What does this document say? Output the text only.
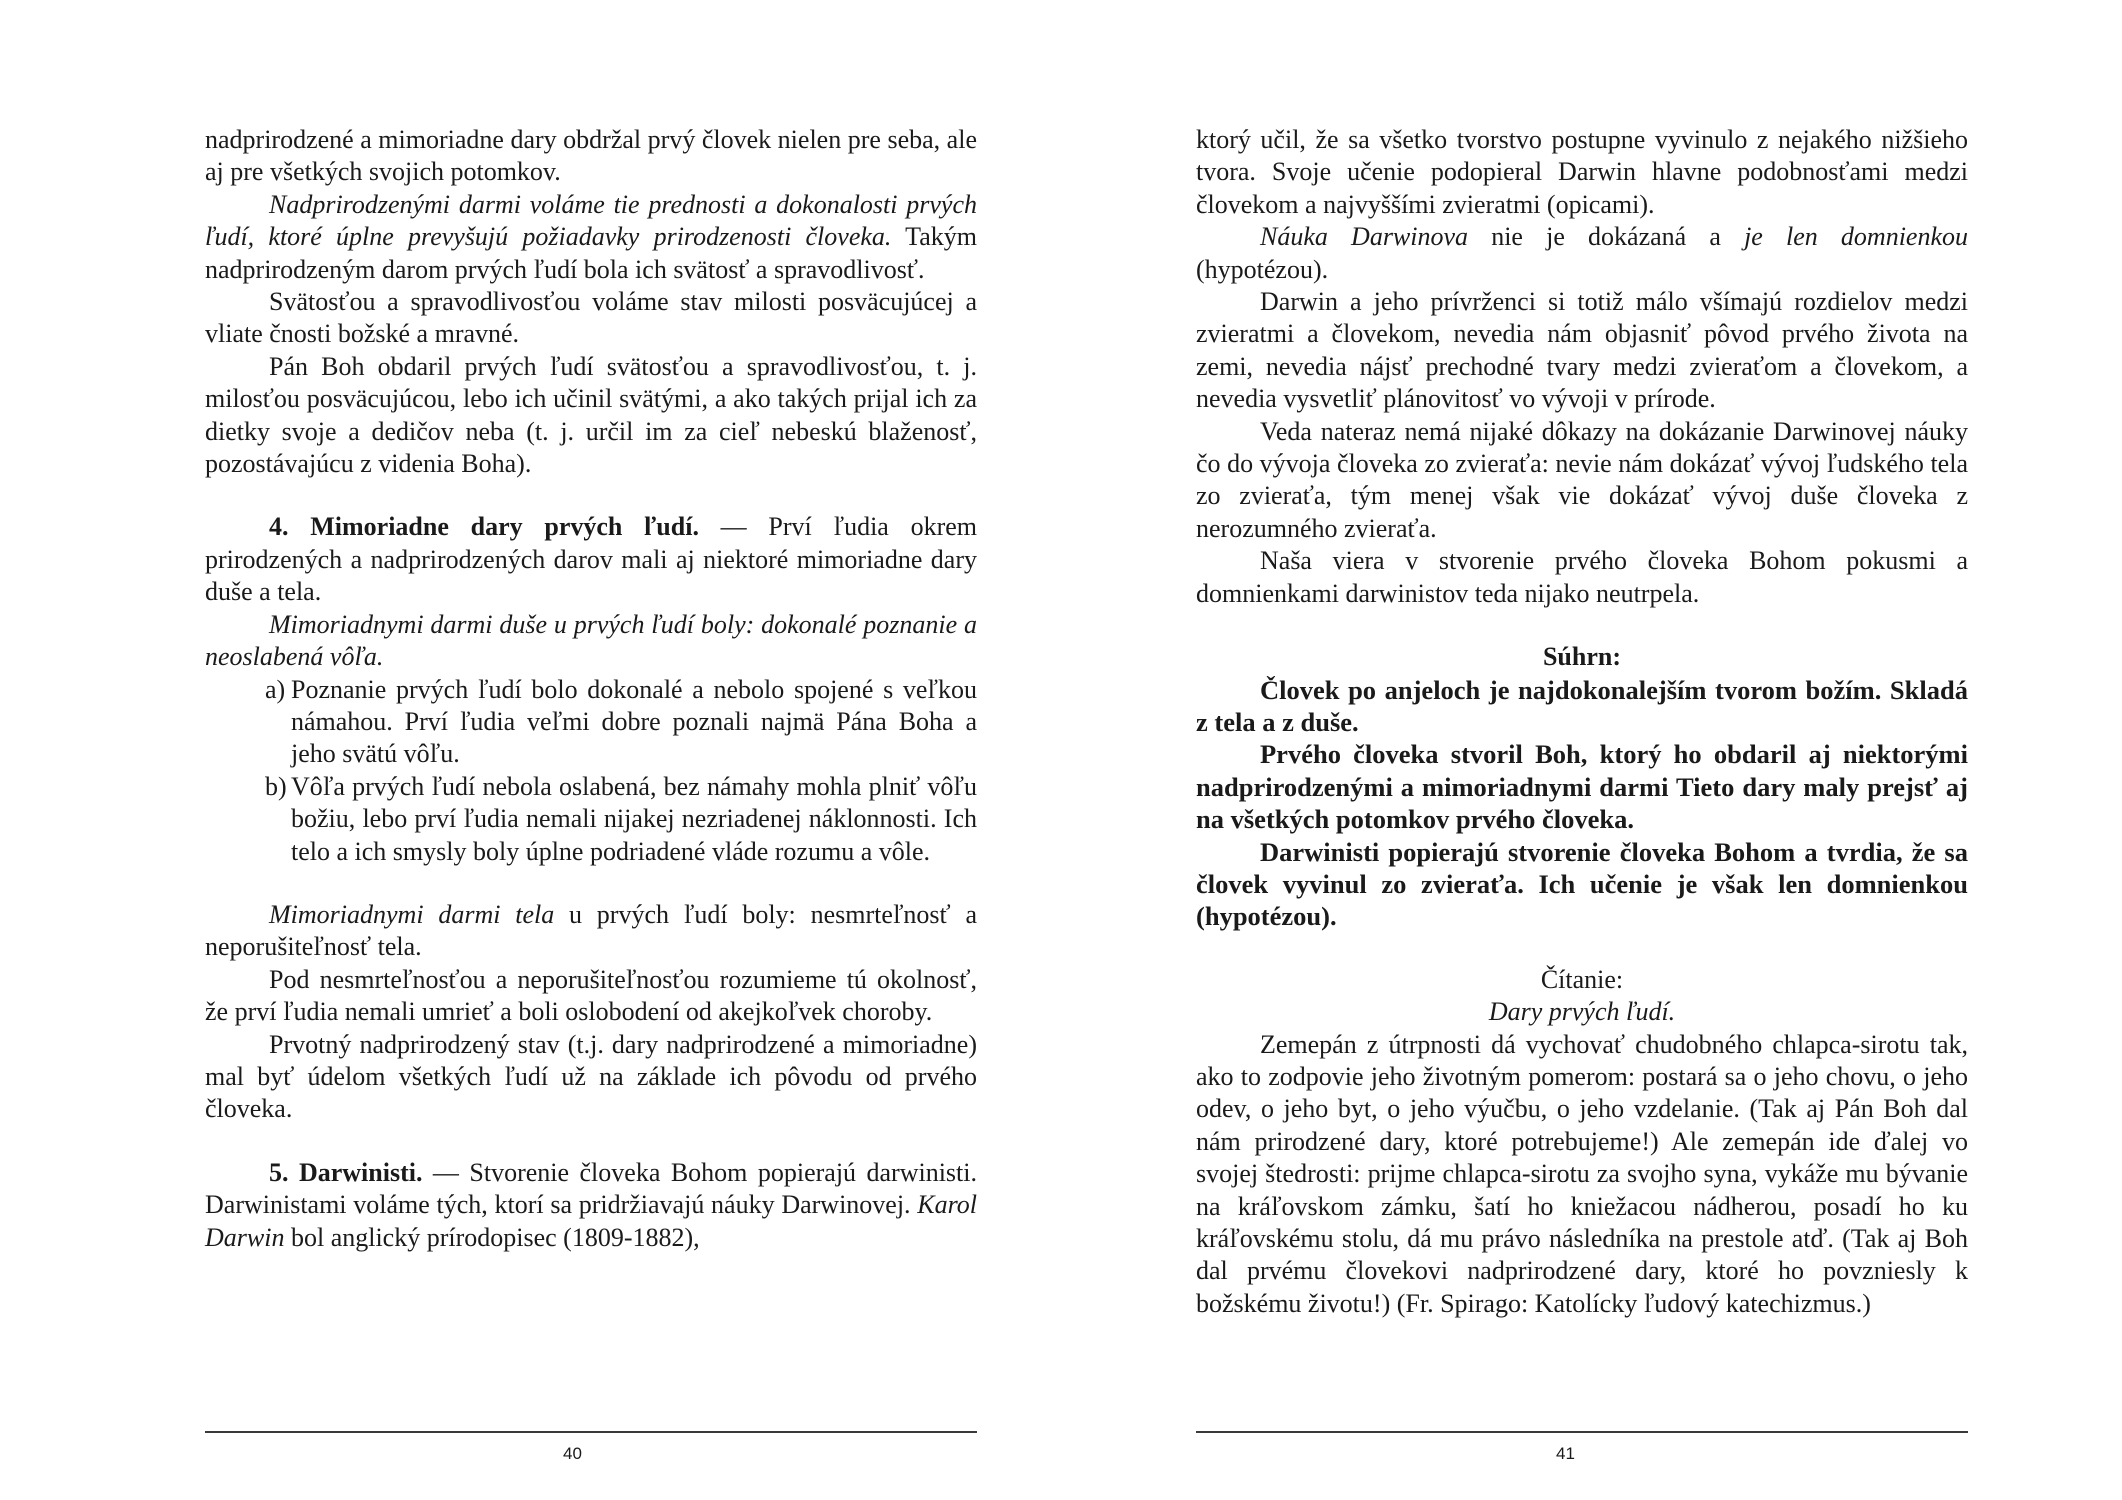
nadprirodzené a mimoriadne dary obdržal prvý človek nielen pre seba, ale aj pre všetkých svojich potomkov.

Nadprirodzenými darmi voláme tie prednosti a dokonalosti prvých ľudí, ktoré úplne prevyšujú požiadavky prirodzenosti človeka. Takým nadprirodzeným darom prvých ľudí bola ich svätosť a spravodlivosť.

Svätosťou a spravodlivosťou voláme stav milosti posväcujúcej a vliate čnosti božské a mravné.

Pán Boh obdaril prvých ľudí svätosťou a spravodlivosťou, t. j. milosťou posväcujúcou, lebo ich učinil svätými, a ako takých prijal ich za dietky svoje a dedičov neba (t. j. určil im za cieľ nebeskú blaženosť, pozostávajúcu z videnia Boha).

4. Mimoriadne dary prvých ľudí. — Prví ľudia okrem prirodzených a nadprirodzených darov mali aj niektoré mimoriadne dary duše a tela.

Mimoriadnymi darmi duše u prvých ľudí boly: dokonalé poznanie a neoslabená vôľa.

a) Poznanie prvých ľudí bolo dokonalé a nebolo spojené s veľkou námahou. Prví ľudia veľmi dobre poznali najmä Pána Boha a jeho svätú vôľu.
b) Vôľa prvých ľudí nebola oslabená, bez námahy mohla plniť vôľu božiu, lebo prví ľudia nemali nijakej nezriadenej náklonnosti. Ich telo a ich smysly boly úplne podriadené vláde rozumu a vôle.

Mimoriadnymi darmi tela u prvých ľudí boly: nesmrteľnosť a neporušiteľnosť tela.

Pod nesmrteľnosťou a neporušiteľnosťou rozumieme tú okolnosť, že prví ľudia nemali umrieť a boli oslobodení od akejkoľvek choroby.

Prvotný nadprirodzený stav (t.j. dary nadprirodzené a mimoriadne) mal byť údelom všetkých ľudí už na základe ich pôvodu od prvého človeka.

5. Darwinisti. — Stvorenie človeka Bohom popierajú darwinisti. Darwinistami voláme tých, ktorí sa pridržiavajú náuky Darwinovej. Karol Darwin bol anglický prírodopisec (1809-1882),

40

ktorý učil, že sa všetko tvorstvo postupne vyvinulo z nejakého nižšieho tvora. Svoje učenie podopieral Darwin hlavne podobnosťami medzi človekom a najvyššími zvieratmi (opicami).

Náuka Darwinova nie je dokázaná a je len domnienkou (hypotézou).

Darwin a jeho prívrženci si totiž málo všímajú rozdielov medzi zvieratmi a človekom, nevedia nám objasniť pôvod prvého života na zemi, nevedia nájsť prechodné tvary medzi zvieraťom a človekom, a nevedia vysvetliť plánovitosť vo vývoji v prírode.

Veda nateraz nemá nijaké dôkazy na dokázanie Darwinovej náuky čo do vývoja človeka zo zvieraťa: nevie nám dokázať vývoj ľudského tela zo zvieraťa, tým menej však vie dokázať vývoj duše človeka z nerozumného zvieraťa.

Naša viera v stvorenie prvého človeka Bohom pokusmi a domnienkami darwinistov teda nijako neutrpela.

Súhrn:

Človek po anjeloch je najdokonalejším tvorom božím. Skladá z tela a z duše.

Prvého človeka stvoril Boh, ktorý ho obdaril aj niektorými nadprirodzenými a mimoriadnymi darmi Tieto dary maly prejsť aj na všetkých potomkov prvého človeka.

Darwinisti popierajú stvorenie človeka Bohom a tvrdia, že sa človek vyvinul zo zvieraťa. Ich učenie je však len domnienkou (hypotézou).

Čítanie:

Dary prvých ľudí.

Zemepán z útrpnosti dá vychovať chudobného chlapca-sirotu tak, ako to zodpovie jeho životným pomerom: postará sa o jeho chovu, o jeho odev, o jeho byt, o jeho výučbu, o jeho vzdelanie. (Tak aj Pán Boh dal nám prirodzené dary, ktoré potrebujeme!) Ale zemepán ide ďalej vo svojej štedrosti: prijme chlapca-sirotu za svojho syna, vykáže mu bývanie na kráľovskom zámku, šatí ho kniežacou nádherou, posadí ho ku kráľovskému stolu, dá mu právo následníka na prestole atď. (Tak aj Boh dal prvému človekovi nadprirodzené dary, ktoré ho povzniesly k božskému životu!) (Fr. Spirago: Katolícky ľudový katechizmus.)

41
